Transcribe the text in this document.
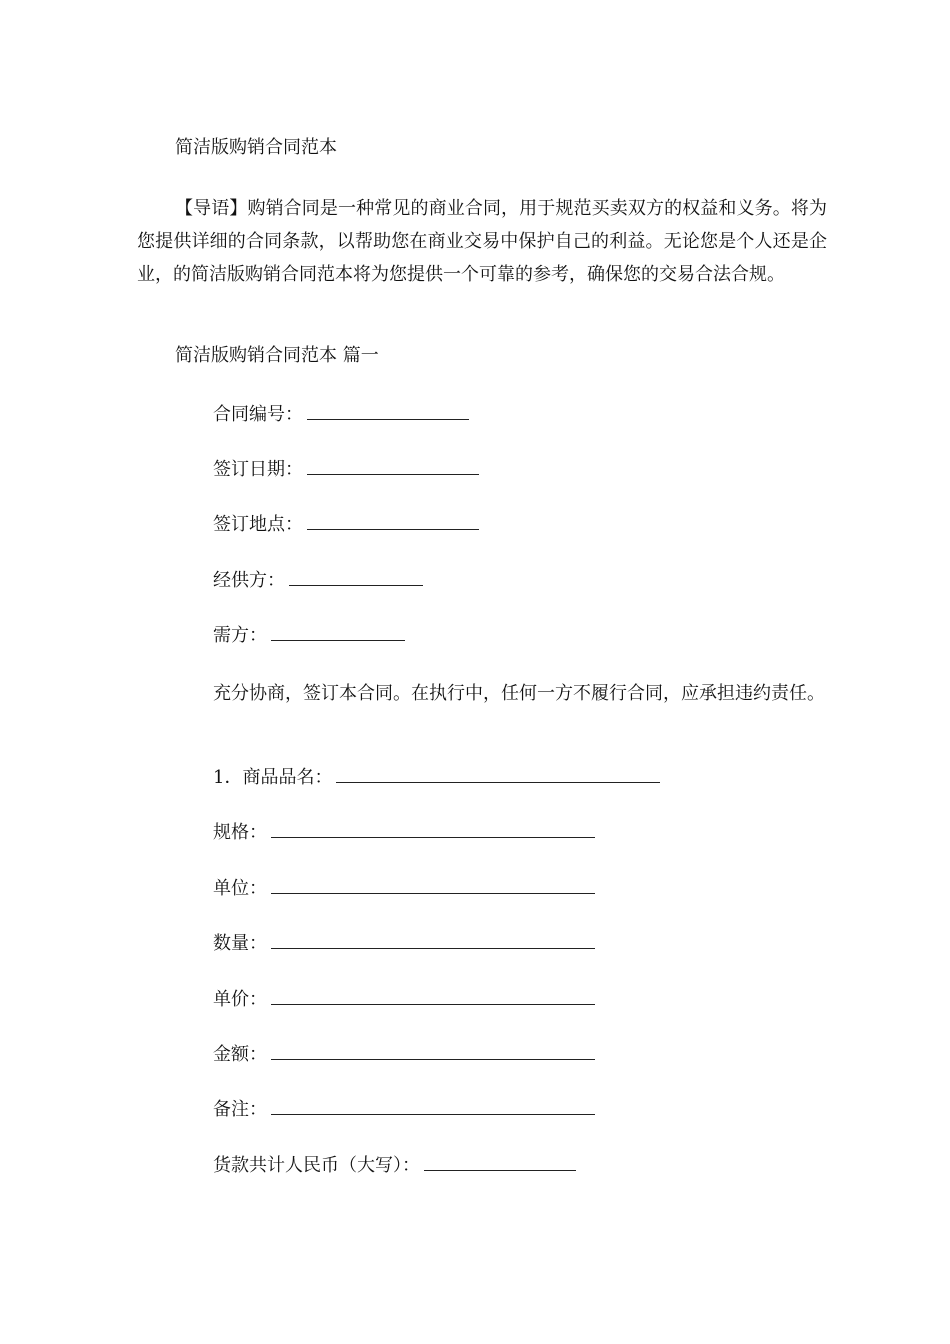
简洁版购销合同范本
【导语】购销合同是一种常见的商业合同，用于规范买卖双方的权益和义务。将为您提供详细的合同条款，以帮助您在商业交易中保护自己的利益。无论您是个人还是企业，的简洁版购销合同范本将为您提供一个可靠的参考，确保您的交易合法合规。
简洁版购销合同范本 篇一
合同编号：
签订日期：
签订地点：
经供方：
需方：
充分协商，签订本合同。在执行中，任何一方不履行合同，应承担违约责任。
1．商品品名：
规格：
单位：
数量：
单价：
金额：
备注：
货款共计人民币（大写）：
